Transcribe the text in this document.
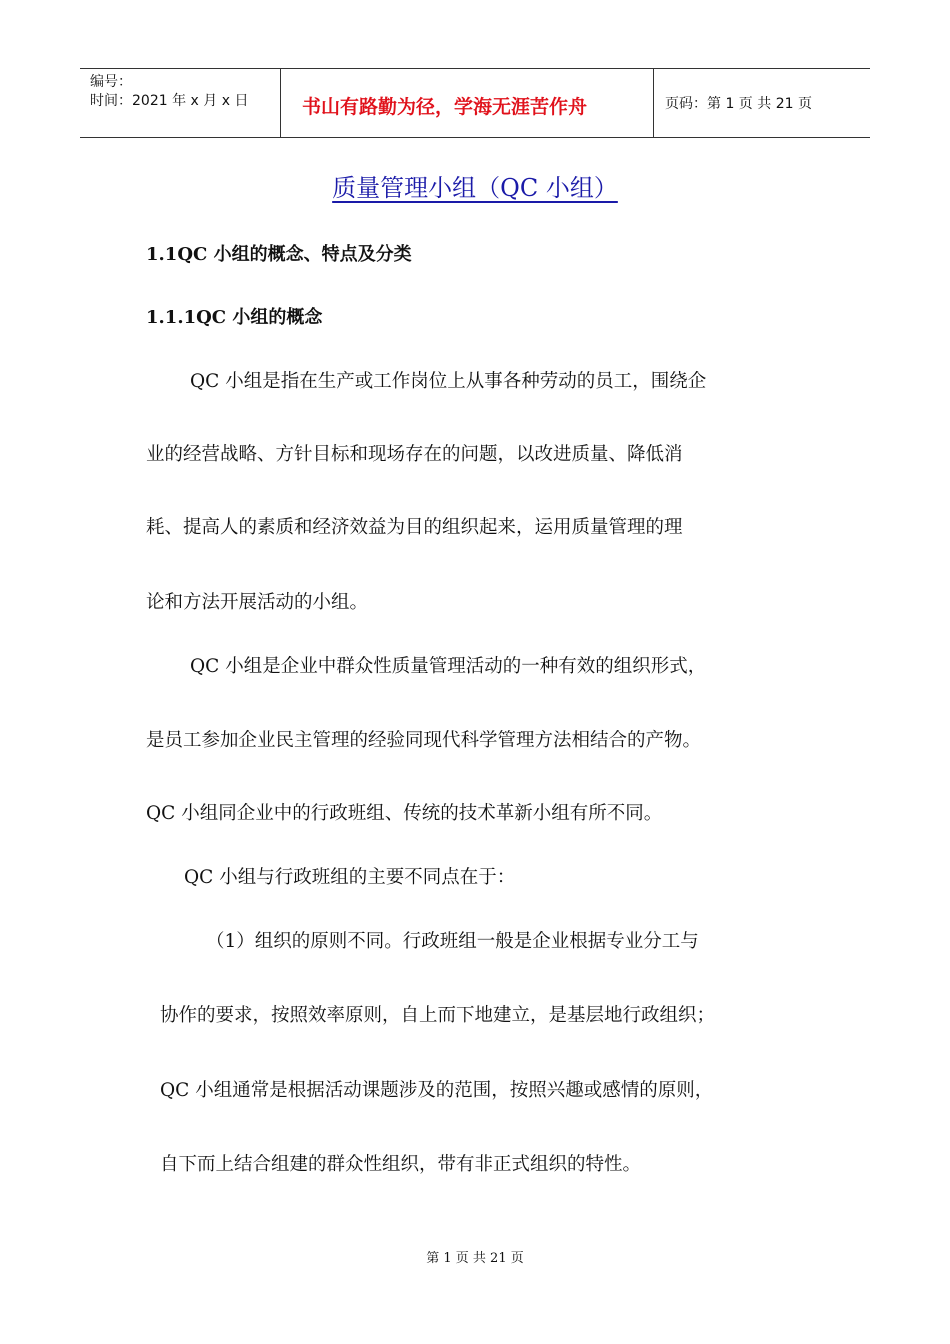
编号：
时间：2021 年 x 月 x 日	书山有路勤为径，学海无涯苦作舟	页码：第 1 页 共 21 页
质量管理小组（QC 小组）
1.1QC 小组的概念、特点及分类
1.1.1QC 小组的概念
QC 小组是指在生产或工作岗位上从事各种劳动的员工，围绕企
业的经营战略、方针目标和现场存在的问题，以改进质量、降低消
耗、提高人的素质和经济效益为目的组织起来，运用质量管理的理
论和方法开展活动的小组。
QC 小组是企业中群众性质量管理活动的一种有效的组织形式，
是员工参加企业民主管理的经验同现代科学管理方法相结合的产物。
QC 小组同企业中的行政班组、传统的技术革新小组有所不同。
QC 小组与行政班组的主要不同点在于：
（1）组织的原则不同。行政班组一般是企业根据专业分工与
协作的要求，按照效率原则，自上而下地建立，是基层地行政组织；
QC 小组通常是根据活动课题涉及的范围，按照兴趣或感情的原则，
自下而上结合组建的群众性组织，带有非正式组织的特性。
第 1 页 共 21 页
